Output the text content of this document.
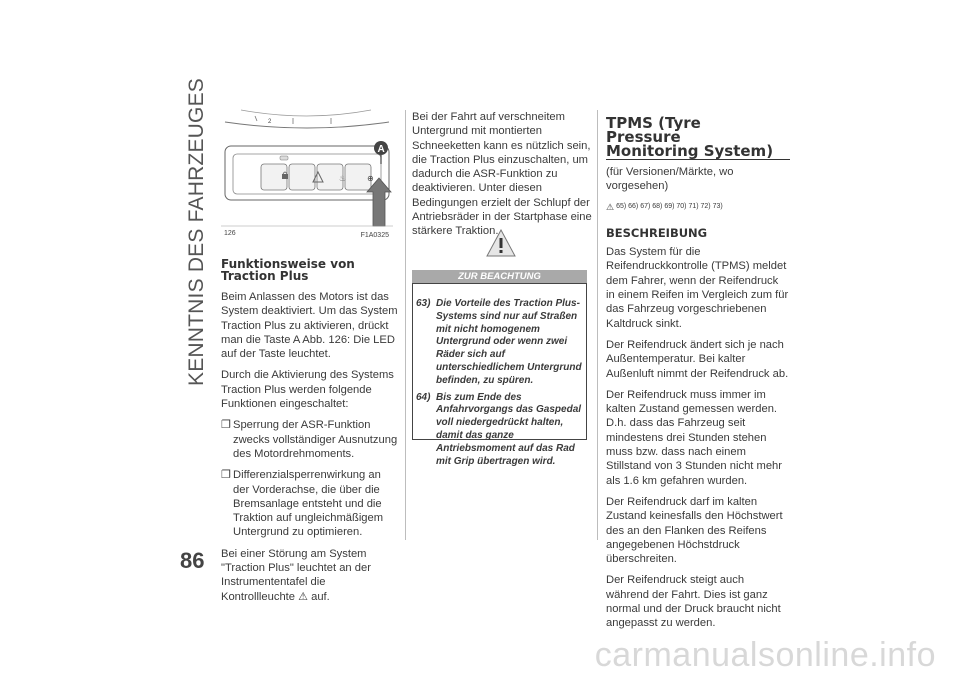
KENNTNIS DES FAHRZEUGES
86
2
♨	⊕
A
126	F1A0325
Funktionsweise von
Traction Plus

Beim Anlassen des Motors ist das System deaktiviert. Um das System Traction Plus zu aktivieren, drückt man die Taste A Abb. 126: Die LED auf der Taste leuchtet.

Durch die Aktivierung des Systems Traction Plus werden folgende Funktionen eingeschaltet:

❐ Sperrung der ASR-Funktion zwecks vollständiger Ausnutzung des Motordrehmoments.
❐ Differenzialsperrenwirkung an der Vorderachse, die über die Bremsanlage entsteht und die Traktion auf ungleichmäßigem Untergrund zu optimieren.

Bei einer Störung am System "Traction Plus" leuchtet an der Instrumententafel die Kontrollleuchte ⚠ auf.

Bei der Fahrt auf verschneitem Untergrund mit montierten Schneeketten kann es nützlich sein, die Traction Plus einzuschalten, um dadurch die ASR-Funktion zu deaktivieren. Unter diesen Bedingungen erzielt der Schlupf der Antriebsräder in der Startphase eine stärkere Traktion.

ZUR BEACHTUNG
63) Die Vorteile des Traction Plus-Systems sind nur auf Straßen mit nicht homogenem Untergrund oder wenn zwei Räder sich auf unterschiedlichem Untergrund befinden, zu spüren.
64) Bis zum Ende des Anfahrvorgangs das Gaspedal voll niedergedrückt halten, damit das ganze Antriebsmoment auf das Rad mit Grip übertragen wird.
TPMS (Tyre
Pressure
Monitoring System)

(für Versionen/Märkte, wo vorgesehen)

⚠ 65) 66) 67) 68) 69) 70) 71) 72) 73)
BESCHREIBUNG

Das System für die Reifendruckkontrolle (TPMS) meldet dem Fahrer, wenn der Reifendruck in einem Reifen im Vergleich zum für das Fahrzeug vorgeschriebenen Kaltdruck sinkt.

Der Reifendruck ändert sich je nach Außentemperatur. Bei kalter Außenluft nimmt der Reifendruck ab.

Der Reifendruck muss immer im kalten Zustand gemessen werden. D.h. dass das Fahrzeug seit mindestens drei Stunden stehen muss bzw. dass nach einem Stillstand von 3 Stunden nicht mehr als 1.6 km gefahren wurden.

Der Reifendruck darf im kalten Zustand keinesfalls den Höchstwert des an den Flanken des Reifens angegebenen Höchstdruck überschreiten.

Der Reifendruck steigt auch während der Fahrt. Dies ist ganz normal und der Druck braucht nicht angepasst zu werden.

carmanualsonline.info
